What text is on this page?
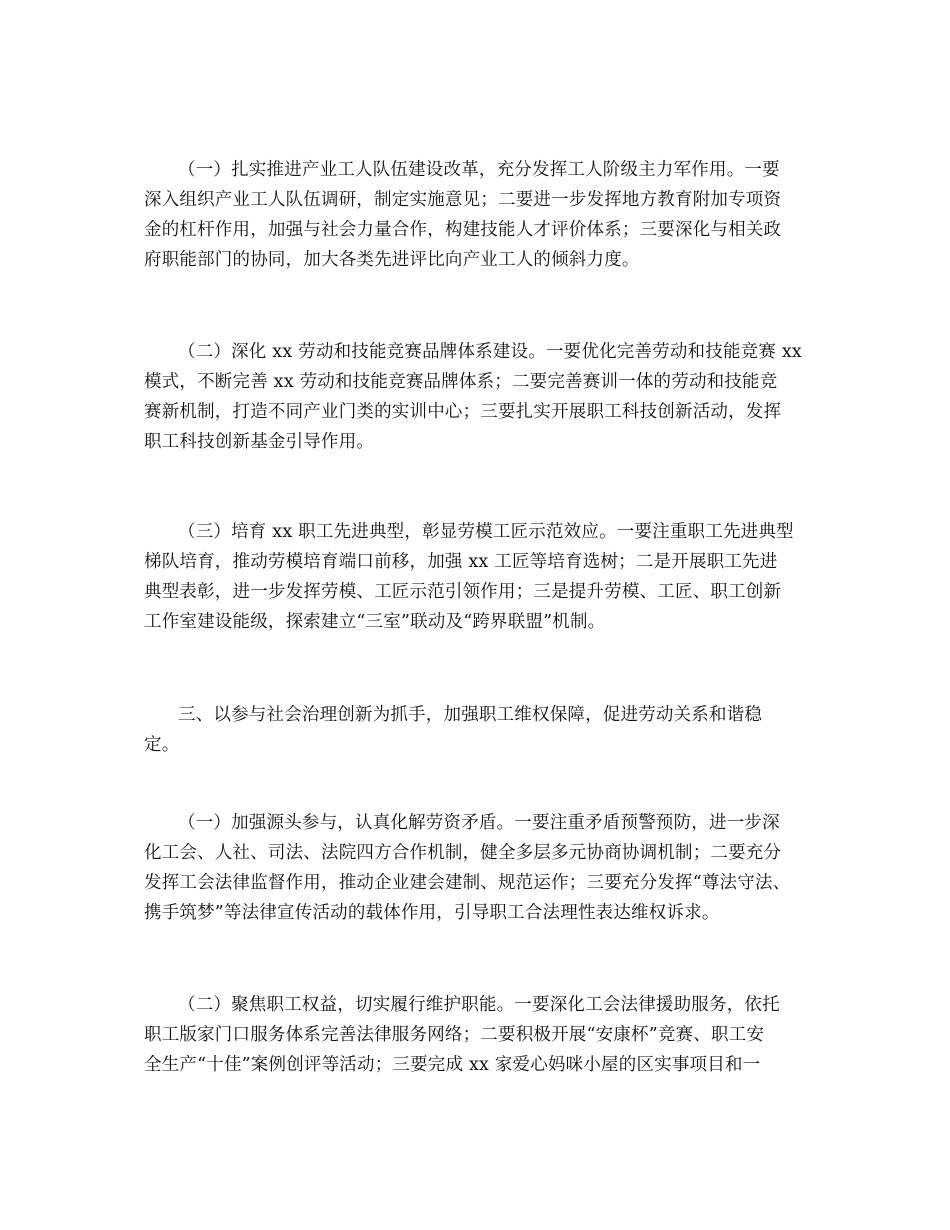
（一）扎实推进产业工人队伍建设改革，充分发挥工人阶级主力军作用。一要
深入组织产业工人队伍调研，制定实施意见；二要进一步发挥地方教育附加专项资
金的杠杆作用，加强与社会力量合作，构建技能人才评价体系；三要深化与相关政
府职能部门的协同，加大各类先进评比向产业工人的倾斜力度。
（二）深化 xx 劳动和技能竞赛品牌体系建设。一要优化完善劳动和技能竞赛 xx
模式，不断完善 xx 劳动和技能竞赛品牌体系；二要完善赛训一体的劳动和技能竞
赛新机制，打造不同产业门类的实训中心；三要扎实开展职工科技创新活动，发挥
职工科技创新基金引导作用。
（三）培育 xx 职工先进典型，彰显劳模工匠示范效应。一要注重职工先进典型
梯队培育，推动劳模培育端口前移，加强 xx 工匠等培育选树；二是开展职工先进
典型表彰，进一步发挥劳模、工匠示范引领作用；三是提升劳模、工匠、职工创新
工作室建设能级，探索建立“三室”联动及“跨界联盟”机制。
三、以参与社会治理创新为抓手，加强职工维权保障，促进劳动关系和谐稳
定。
（一）加强源头参与，认真化解劳资矛盾。一要注重矛盾预警预防，进一步深
化工会、人社、司法、法院四方合作机制，健全多层多元协商协调机制；二要充分
发挥工会法律监督作用，推动企业建会建制、规范运作；三要充分发挥“尊法守法、
携手筑梦”等法律宣传活动的载体作用，引导职工合法理性表达维权诉求。
（二）聚焦职工权益，切实履行维护职能。一要深化工会法律援助服务，依托
职工版家门口服务体系完善法律服务网络；二要积极开展“安康杯”竞赛、职工安
全生产“十佳”案例创评等活动；三要完成 xx 家爱心妈咪小屋的区实事项目和一
